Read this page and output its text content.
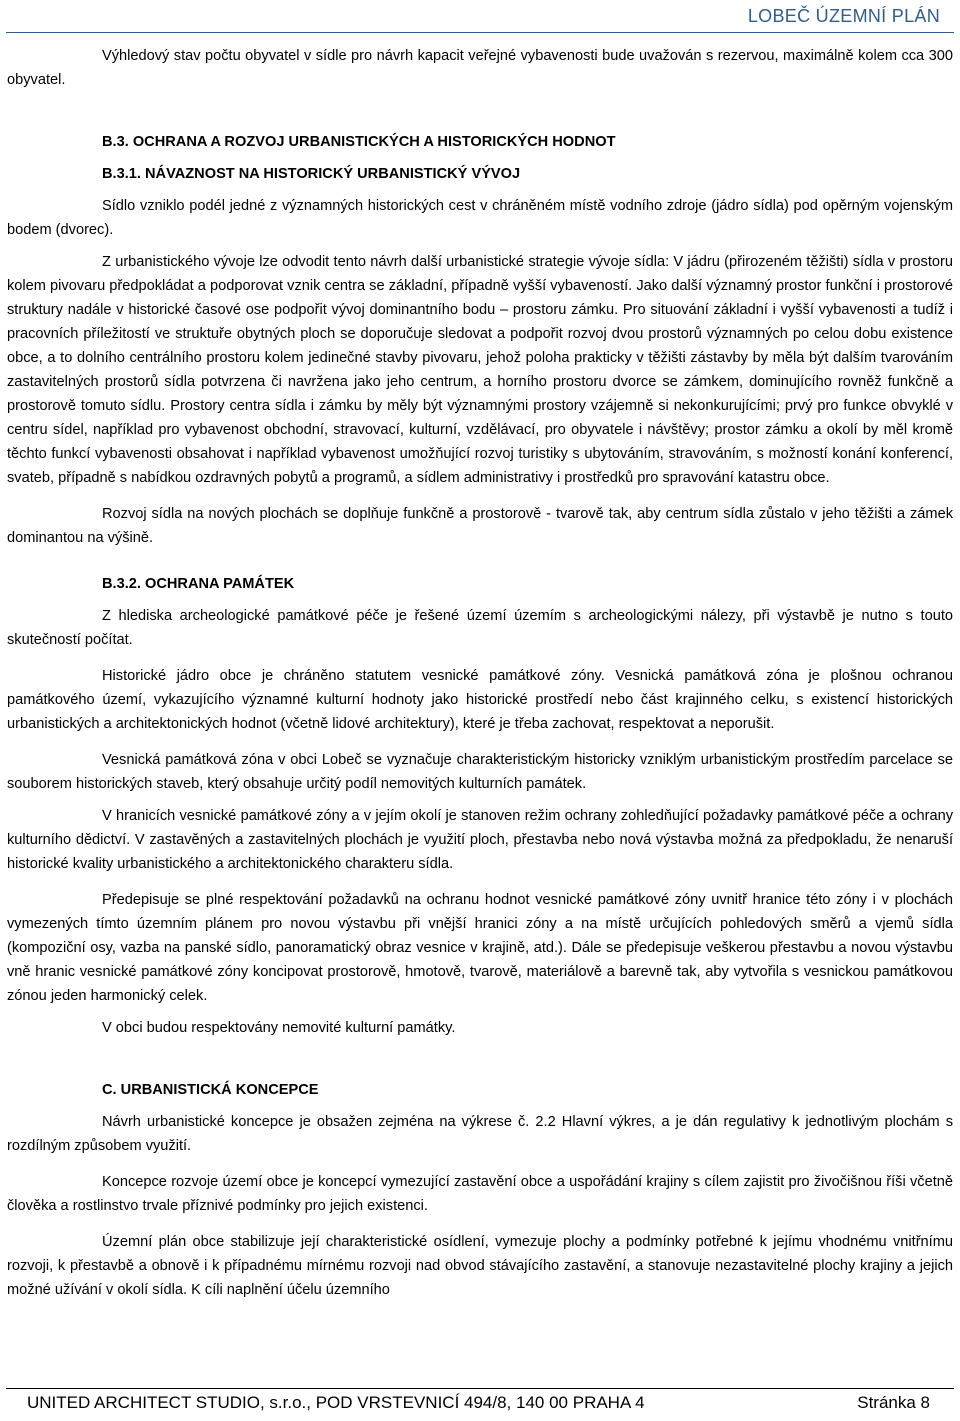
LOBEČ ÚZEMNÍ PLÁN

Výhledový stav počtu obyvatel v sídle pro návrh kapacit veřejné vybavenosti bude uvažován s rezervou, maximálně kolem cca 300 obyvatel.

B.3. OCHRANA A ROZVOJ URBANISTICKÝCH A HISTORICKÝCH HODNOT
B.3.1. NÁVAZNOST NA HISTORICKÝ URBANISTICKÝ VÝVOJ

Sídlo vzniklo podél jedné z významných historických cest v chráněném místě vodního zdroje (jádro sídla) pod opěrným vojenským bodem (dvorec).

Z urbanistického vývoje lze odvodit tento návrh další urbanistické strategie vývoje sídla: V jádru (přirozeném těžišti) sídla v prostoru kolem pivovaru předpokládat a podporovat vznik centra se základní, případně vyšší vybaveností. Jako další významný prostor funkční i prostorové struktury nadále v historické časové ose podpořit vývoj dominantního bodu – prostoru zámku. Pro situování základní i vyšší vybavenosti a tudíž i pracovních příležitostí ve struktuře obytných ploch se doporučuje sledovat a podpořit rozvoj dvou prostorů významných po celou dobu existence obce, a to dolního centrálního prostoru kolem jedinečné stavby pivovaru, jehož poloha prakticky v těžišti zástavby by měla být dalším tvarováním zastavitelných prostorů sídla potvrzena či navržena jako jeho centrum, a horního prostoru dvorce se zámkem, dominujícího rovněž funkčně a prostorově tomuto sídlu. Prostory centra sídla i zámku by měly být významnými prostory vzájemně si nekonkurujícími; prvý pro funkce obvyklé v centru sídel, například pro vybavenost obchodní, stravovací, kulturní, vzdělávací, pro obyvatele i návštěvy; prostor zámku a okolí by měl kromě těchto funkcí vybavenosti obsahovat i například vybavenost umožňující rozvoj turistiky s ubytováním, stravováním, s možností konání konferencí, svateb, případně s nabídkou ozdravných pobytů a programů, a sídlem administrativy i prostředků pro spravování katastru obce.

Rozvoj sídla na nových plochách se doplňuje funkčně a prostorově - tvarově tak, aby centrum sídla zůstalo v jeho těžišti a zámek dominantou na výšině.

B.3.2. OCHRANA PAMÁTEK

Z hlediska archeologické památkové péče je řešené území územím s archeologickými nálezy, při výstavbě je nutno s touto skutečností počítat.

Historické jádro obce je chráněno statutem vesnické památkové zóny. Vesnická památková zóna je plošnou ochranou památkového území, vykazujícího významné kulturní hodnoty jako historické prostředí nebo část krajinného celku, s existencí historických urbanistických a architektonických hodnot (včetně lidové architektury), které je třeba zachovat, respektovat a neporušit.

Vesnická památková zóna v obci Lobeč se vyznačuje charakteristickým historicky vzniklým urbanistickým prostředím parcelace se souborem historických staveb, který obsahuje určitý podíl nemovitých kulturních památek.

V hranicích vesnické památkové zóny a v jejím okolí je stanoven režim ochrany zohledňující požadavky památkové péče a ochrany kulturního dědictví. V zastavěných a zastavitelných plochách je využití ploch, přestavba nebo nová výstavba možná za předpokladu, že nenaruší historické kvality urbanistického a architektonického charakteru sídla.

Předepisuje se plné respektování požadavků na ochranu hodnot vesnické památkové zóny uvnitř hranice této zóny i v plochách vymezených tímto územním plánem pro novou výstavbu při vnější hranici zóny a na místě určujících pohledových směrů a vjemů sídla (kompoziční osy, vazba na panské sídlo, panoramatický obraz vesnice v krajině, atd.). Dále se předepisuje veškerou přestavbu a novou výstavbu vně hranic vesnické památkové zóny koncipovat prostorově, hmotově, tvarově, materiálově a barevně tak, aby vytvořila s vesnickou památkovou zónou jeden harmonický celek.

V obci budou respektovány nemovité kulturní památky.

C. URBANISTICKÁ KONCEPCE

Návrh urbanistické koncepce je obsažen zejména na výkrese č. 2.2 Hlavní výkres, a je dán regulativy k jednotlivým plochám s rozdílným způsobem využití.

Koncepce rozvoje území obce je koncepcí vymezující zastavění obce a uspořádání krajiny s cílem zajistit pro živočišnou říši včetně člověka a rostlinstvo trvale příznivé podmínky pro jejich existenci.

Územní plán obce stabilizuje její charakteristické osídlení, vymezuje plochy a podmínky potřebné k jejímu vhodnému vnitřnímu rozvoji, k přestavbě a obnově i k případnému mírnému rozvoji nad obvod stávajícího zastavění, a stanovuje nezastavitelné plochy krajiny a jejich možné užívání v okolí sídla. K cíli naplnění účelu územního

UNITED ARCHITECT STUDIO, s.r.o., POD VRSTEVNICÍ 494/8, 140 00 PRAHA 4	Stránka 8
